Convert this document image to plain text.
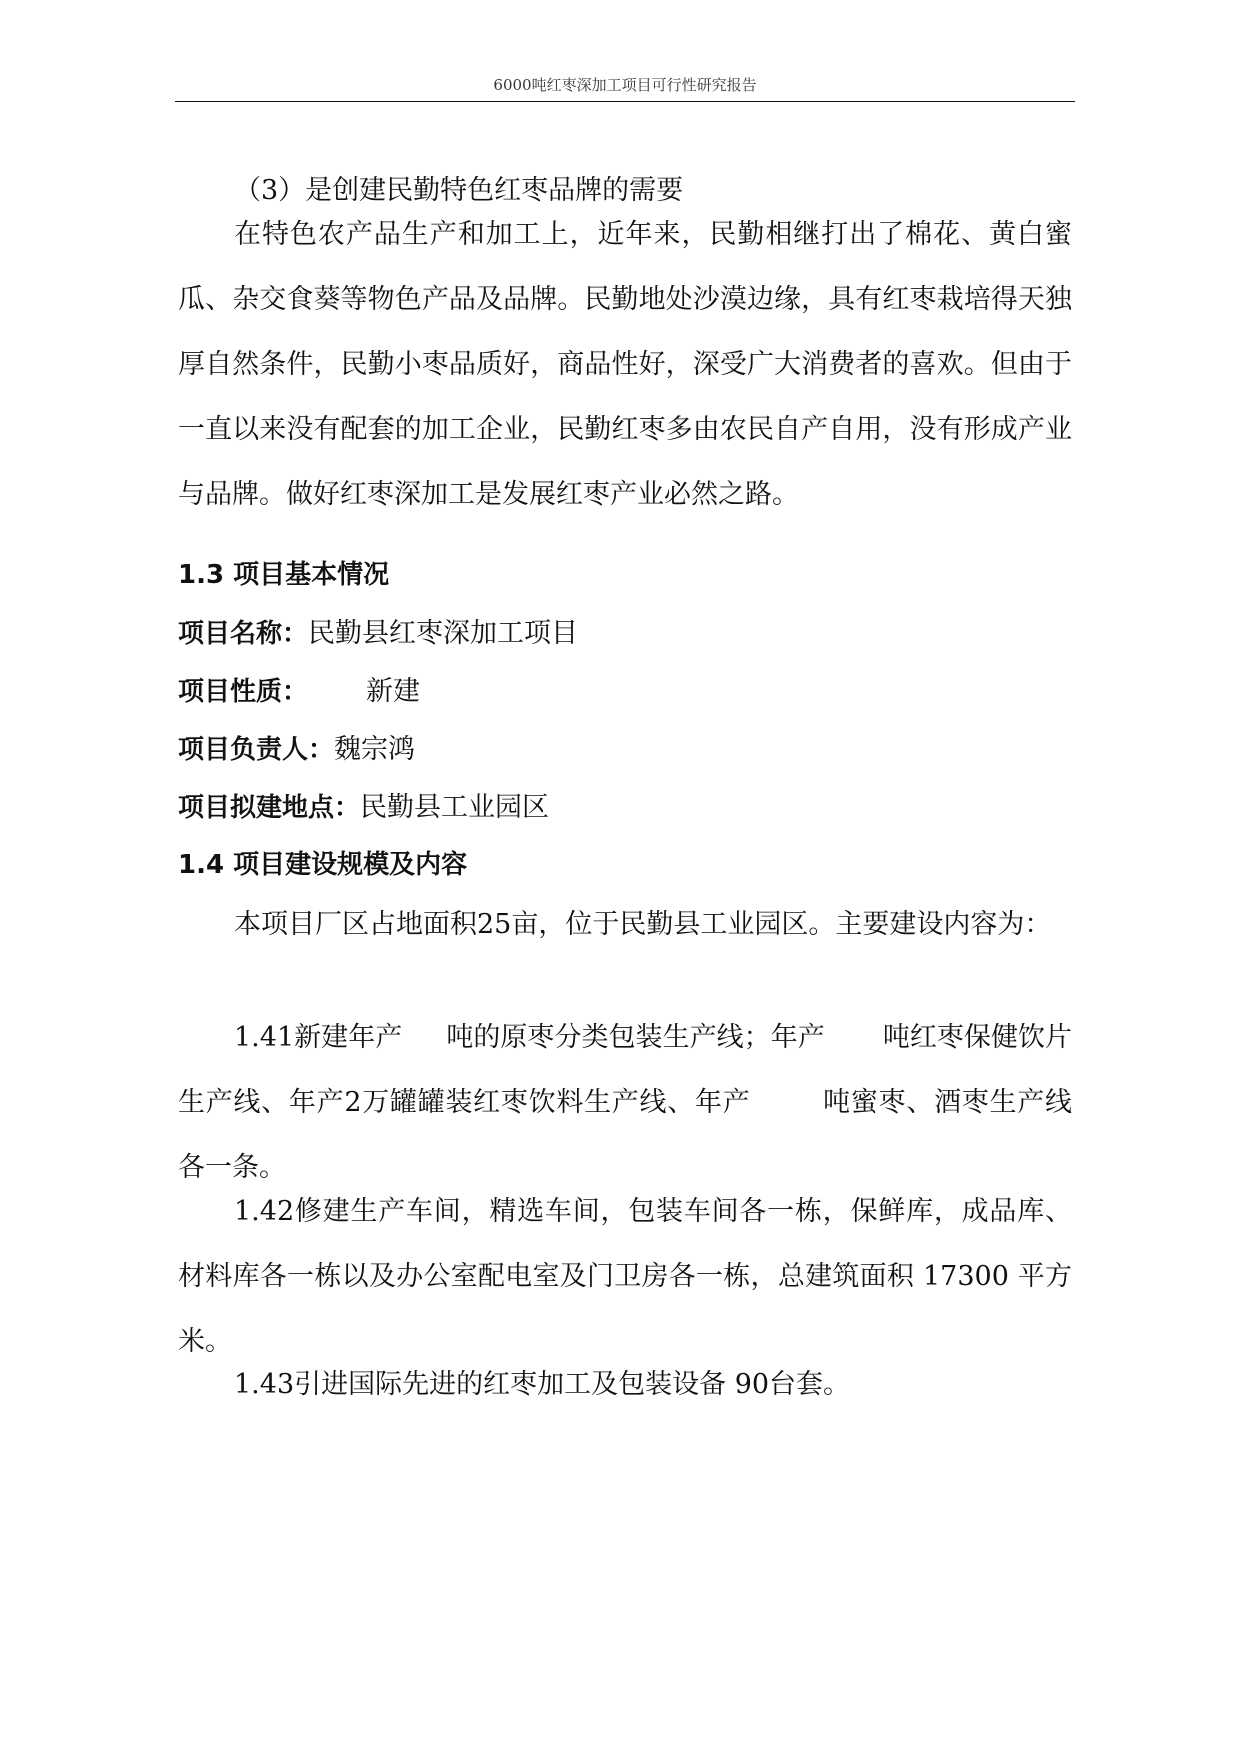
6000吨红枣深加工项目可行性研究报告

（3）是创建民勤特色红枣品牌的需要

在特色农产品生产和加工上，近年来，民勤相继打出了棉花、黄白蜜瓜、杂交食葵等物色产品及品牌。民勤地处沙漠边缘，具有红枣栽培得天独厚自然条件，民勤小枣品质好，商品性好，深受广大消费者的喜欢。但由于一直以来没有配套的加工企业，民勤红枣多由农民自产自用，没有形成产业与品牌。做好红枣深加工是发展红枣产业必然之路。

1.3 项目基本情况

项目名称：民勤县红枣深加工项目

项目性质： 新建

项目负责人：魏宗鸿

项目拟建地点：民勤县工业园区

1.4 项目建设规模及内容

本项目厂区占地面积25亩，位于民勤县工业园区。主要建设内容为：

1.41新建年产 吨的原枣分类包装生产线；年产 吨红枣保健饮片生产线、年产2万罐罐装红枣饮料生产线、年产	吨蜜枣、酒枣生产线各一条。

1.42修建生产车间，精选车间，包装车间各一栋，保鲜库，成品库、材料库各一栋以及办公室配电室及门卫房各一栋，总建筑面积 17300 平方米。

1.43引进国际先进的红枣加工及包装设备 90台套。
